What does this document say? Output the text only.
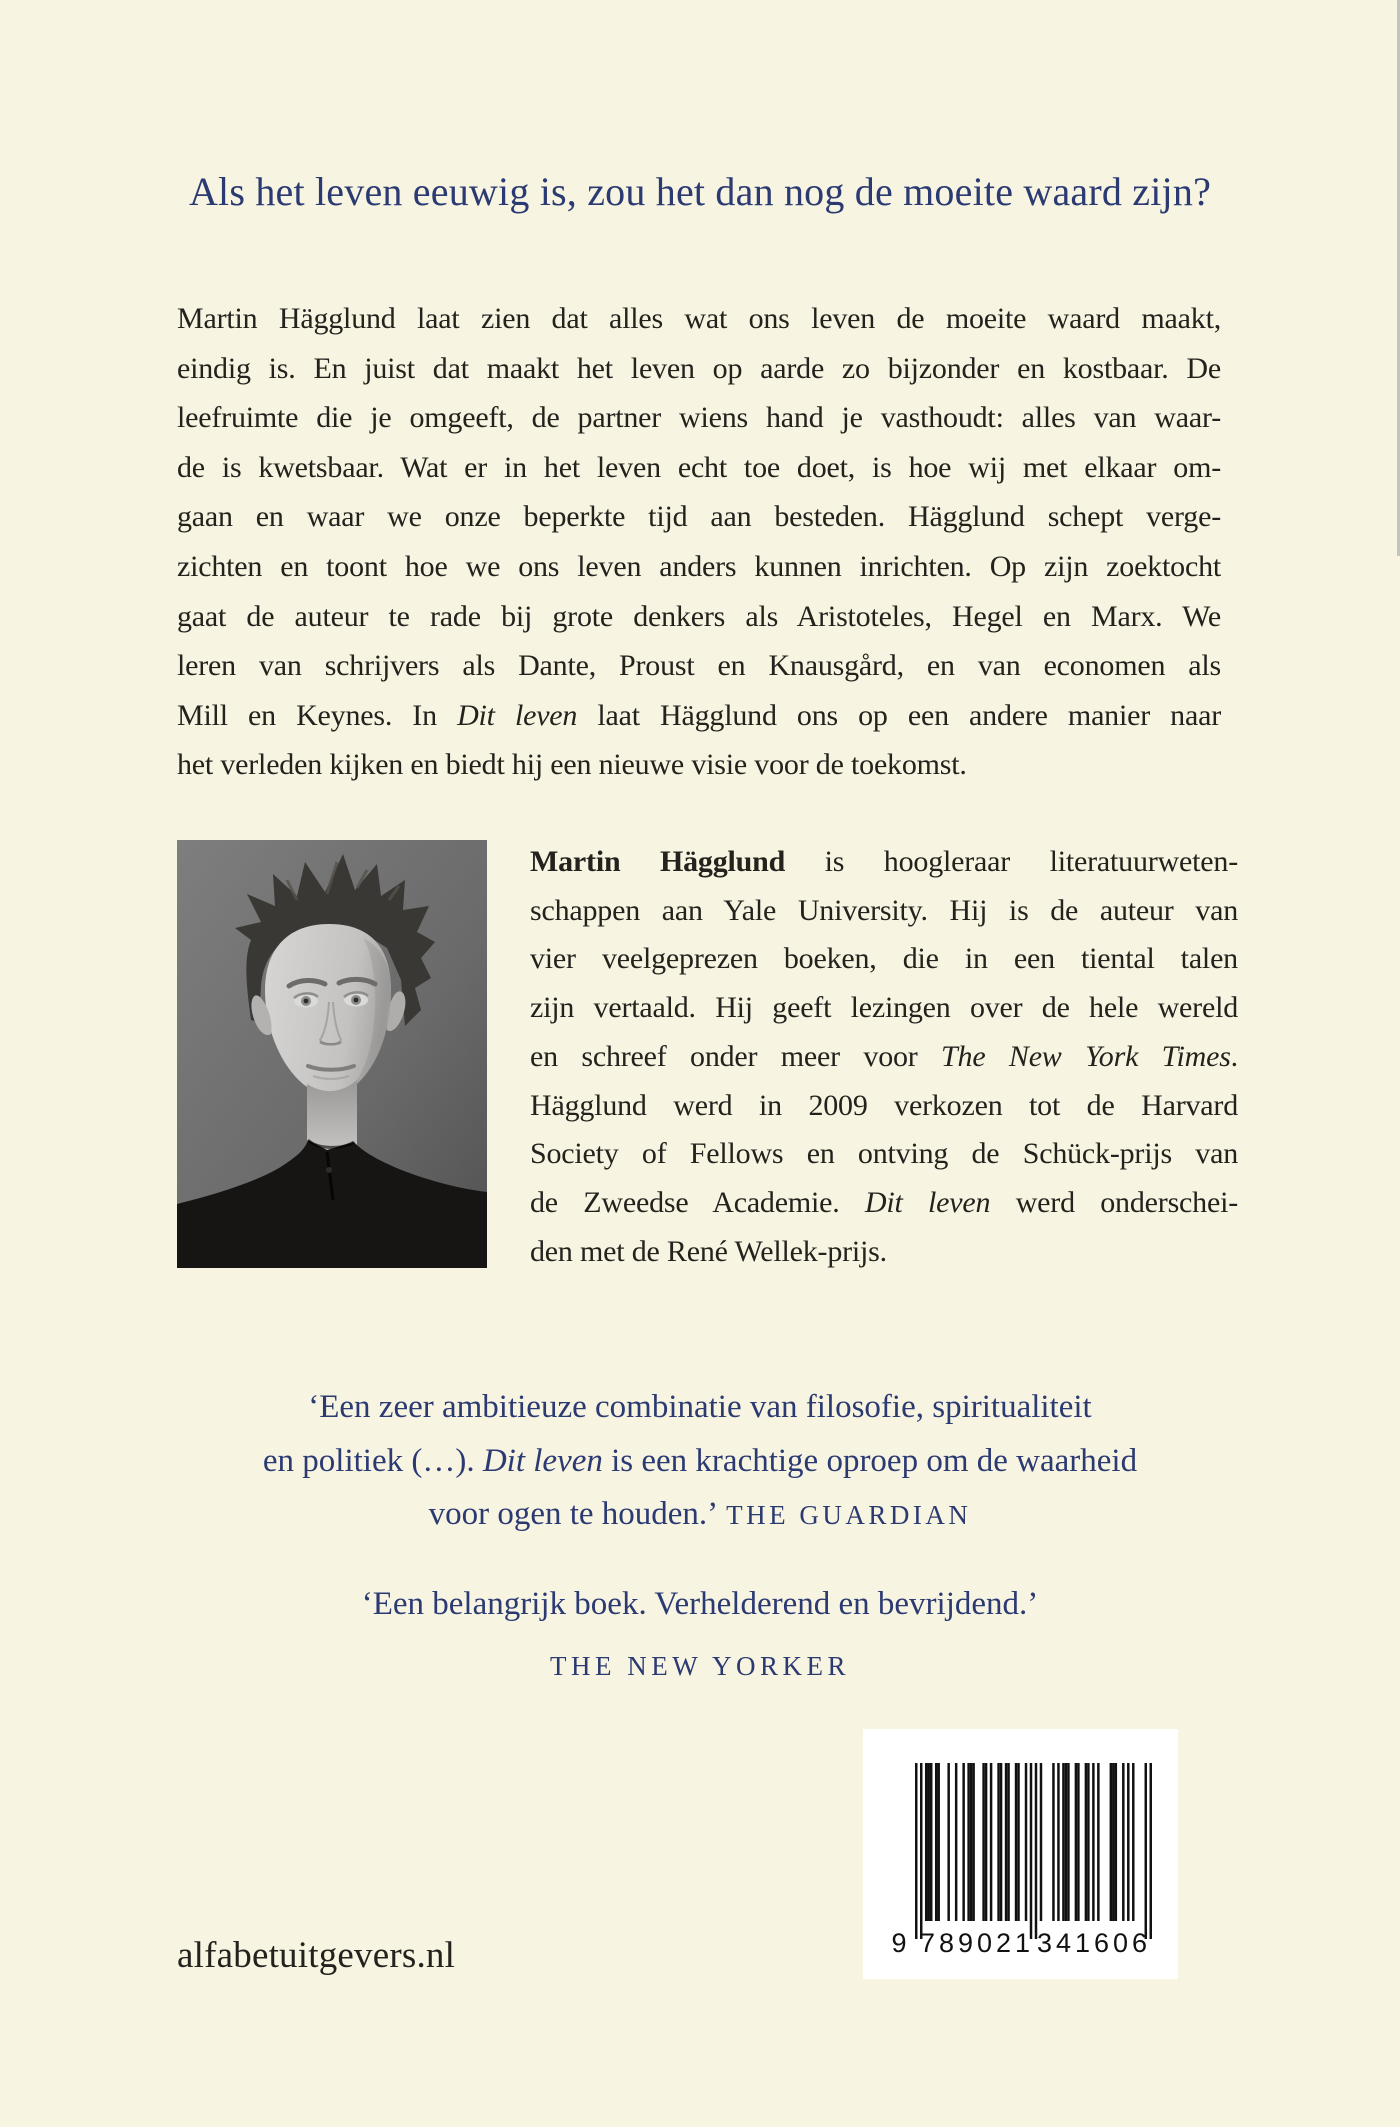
Als het leven eeuwig is, zou het dan nog de moeite waard zijn?
Martin Hägglund laat zien dat alles wat ons leven de moeite waard maakt,
eindig is. En juist dat maakt het leven op aarde zo bijzonder en kostbaar. De
leefruimte die je omgeeft, de partner wiens hand je vasthoudt: alles van waar-
de is kwetsbaar. Wat er in het leven echt toe doet, is hoe wij met elkaar om-
gaan en waar we onze beperkte tijd aan besteden. Hägglund schept verge-
zichten en toont hoe we ons leven anders kunnen inrichten. Op zijn zoektocht
gaat de auteur te rade bij grote denkers als Aristoteles, Hegel en Marx. We
leren van schrijvers als Dante, Proust en Knausgård, en van economen als
Mill en Keynes. In Dit leven laat Hägglund ons op een andere manier naar
het verleden kijken en biedt hij een nieuwe visie voor de toekomst.
Martin Hägglund is hoogleraar literatuurweten-
schappen aan Yale University. Hij is de auteur van
vier veelgeprezen boeken, die in een tiental talen
zijn vertaald. Hij geeft lezingen over de hele wereld
en schreef onder meer voor The New York Times.
Hägglund werd in 2009 verkozen tot de Harvard
Society of Fellows en ontving de Schück-prijs van
de Zweedse Academie. Dit leven werd onderschei-
den met de René Wellek-prijs.
‘Een zeer ambitieuze combinatie van filosofie, spiritualiteit
en politiek (…). Dit leven is een krachtige oproep om de waarheid
voor ogen te houden.’ THE GUARDIAN
‘Een belangrijk boek. Verhelderend en bevrijdend.’
THE NEW YORKER
9 789021 341606
alfabetuitgevers.nl
